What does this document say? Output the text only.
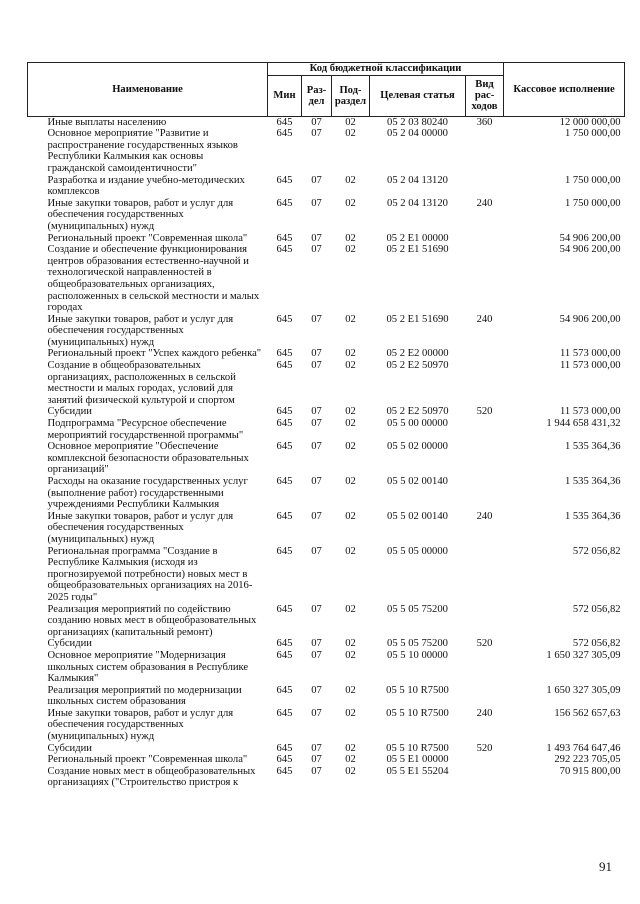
Наименование	Код бюджетной классификации					Кассовое исполнение
	Мин	Раз-дел	Под-раздел	Целевая статья	Вид рас-ходов	
Иные выплаты населению	645	07	02	05 2 03 80240	360	12 000 000,00
Основное мероприятие "Развитие и распространение государственных языков Республики Калмыкия как основы гражданской самоидентичности"	645	07	02	05 2 04 00000		1 750 000,00
Разработка и издание учебно-методических комплексов	645	07	02	05 2 04 13120		1 750 000,00
Иные закупки товаров, работ и услуг для обеспечения государственных (муниципальных) нужд	645	07	02	05 2 04 13120	240	1 750 000,00
Региональный проект "Современная школа"	645	07	02	05 2 E1 00000		54 906 200,00
Создание и обеспечение функционирования центров образования естественно-научной и технологической направленностей в общеобразовательных организациях, расположенных в сельской местности и малых городах	645	07	02	05 2 E1 51690		54 906 200,00
Иные закупки товаров, работ и услуг для обеспечения государственных (муниципальных) нужд	645	07	02	05 2 E1 51690	240	54 906 200,00
Региональный проект "Успех каждого ребенка"	645	07	02	05 2 E2 00000		11 573 000,00
Создание в общеобразовательных организациях, расположенных в сельской местности и малых городах, условий для занятий физической культурой и спортом	645	07	02	05 2 E2 50970		11 573 000,00
Субсидии	645	07	02	05 2 E2 50970	520	11 573 000,00
Подпрограмма "Ресурсное обеспечение мероприятий государственной программы"	645	07	02	05 5 00 00000		1 944 658 431,32
Основное мероприятие "Обеспечение комплексной безопасности образовательных организаций"	645	07	02	05 5 02 00000		1 535 364,36
Расходы на оказание государственных услуг (выполнение работ) государственными учреждениями Республики Калмыкия	645	07	02	05 5 02 00140		1 535 364,36
Иные закупки товаров, работ и услуг для обеспечения государственных (муниципальных) нужд	645	07	02	05 5 02 00140	240	1 535 364,36
Региональная программа "Создание в Республике Калмыкия (исходя из прогнозируемой потребности) новых мест в общеобразовательных организациях на 2016-2025 годы"	645	07	02	05 5 05 00000		572 056,82
Реализация мероприятий по содействию созданию новых мест в общеобразовательных организациях (капитальный ремонт)	645	07	02	05 5 05 75200		572 056,82
Субсидии	645	07	02	05 5 05 75200	520	572 056,82
Основное мероприятие "Модернизация школьных систем образования в Республике Калмыкия"	645	07	02	05 5 10 00000		1 650 327 305,09
Реализация мероприятий по модернизации школьных систем образования	645	07	02	05 5 10 R7500		1 650 327 305,09
Иные закупки товаров, работ и услуг для обеспечения государственных (муниципальных) нужд	645	07	02	05 5 10 R7500	240	156 562 657,63
Субсидии	645	07	02	05 5 10 R7500	520	1 493 764 647,46
Региональный проект "Современная школа"	645	07	02	05 5 E1 00000		292 223 705,05
Создание новых мест в общеобразовательных организациях ("Строительство пристроя к	645	07	02	05 5 E1 55204		70 915 800,00
91
